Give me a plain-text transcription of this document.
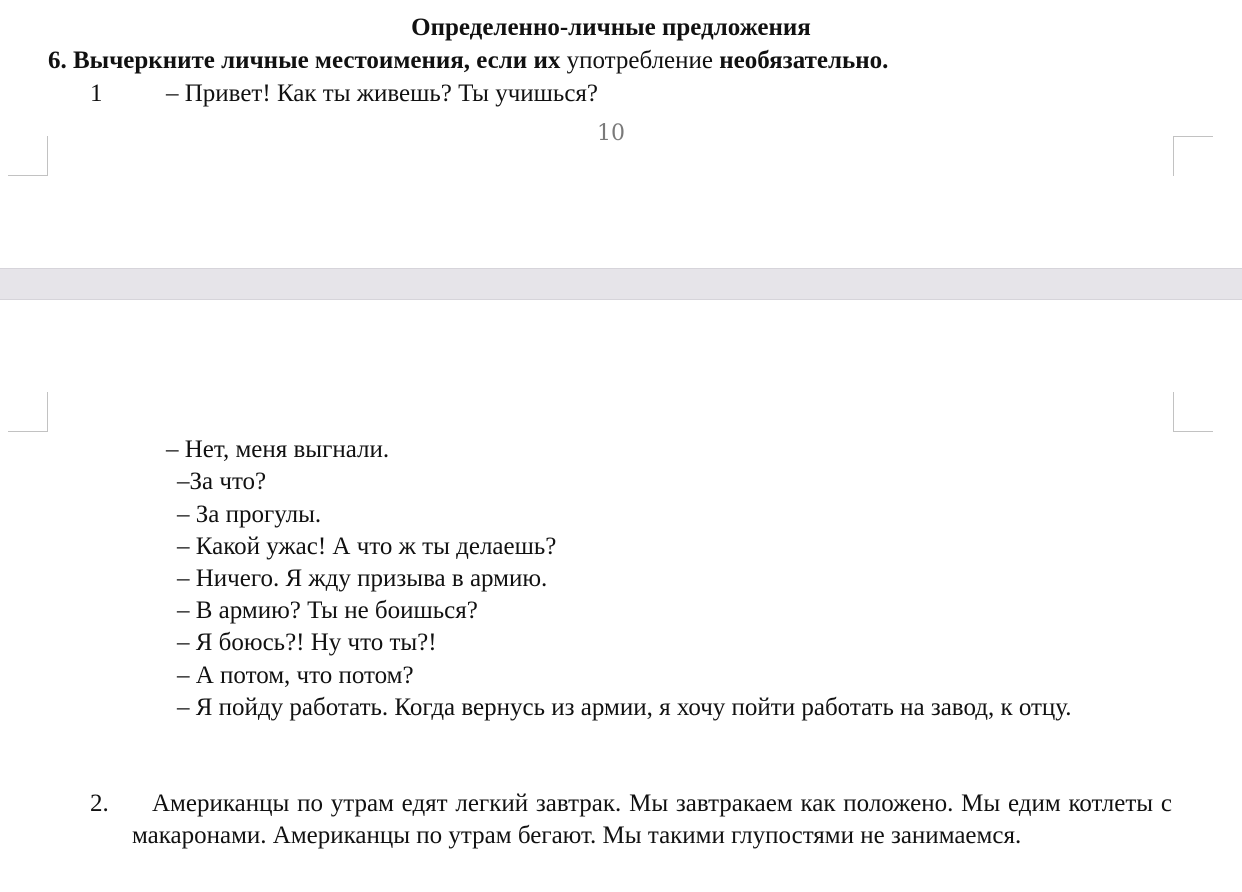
Определенно-личные предложения
6. Вычеркните личные местоимения, если их употребление необязательно.
1	– Привет! Как ты живешь? Ты учишься?
10
– Нет, меня выгнали.
–За что?
– За прогулы.
– Какой ужас! А что ж ты делаешь?
– Ничего. Я жду призыва в армию.
– В армию? Ты не боишься?
– Я боюсь?! Ну что ты?!
– А потом, что потом?
– Я пойду работать. Когда вернусь из армии, я хочу пойти работать на завод, к отцу.
2.	Американцы по утрам едят легкий завтрак. Мы завтракаем как положено. Мы едим котлеты с макаронами. Американцы по утрам бегают. Мы такими глупостями не занимаемся.
